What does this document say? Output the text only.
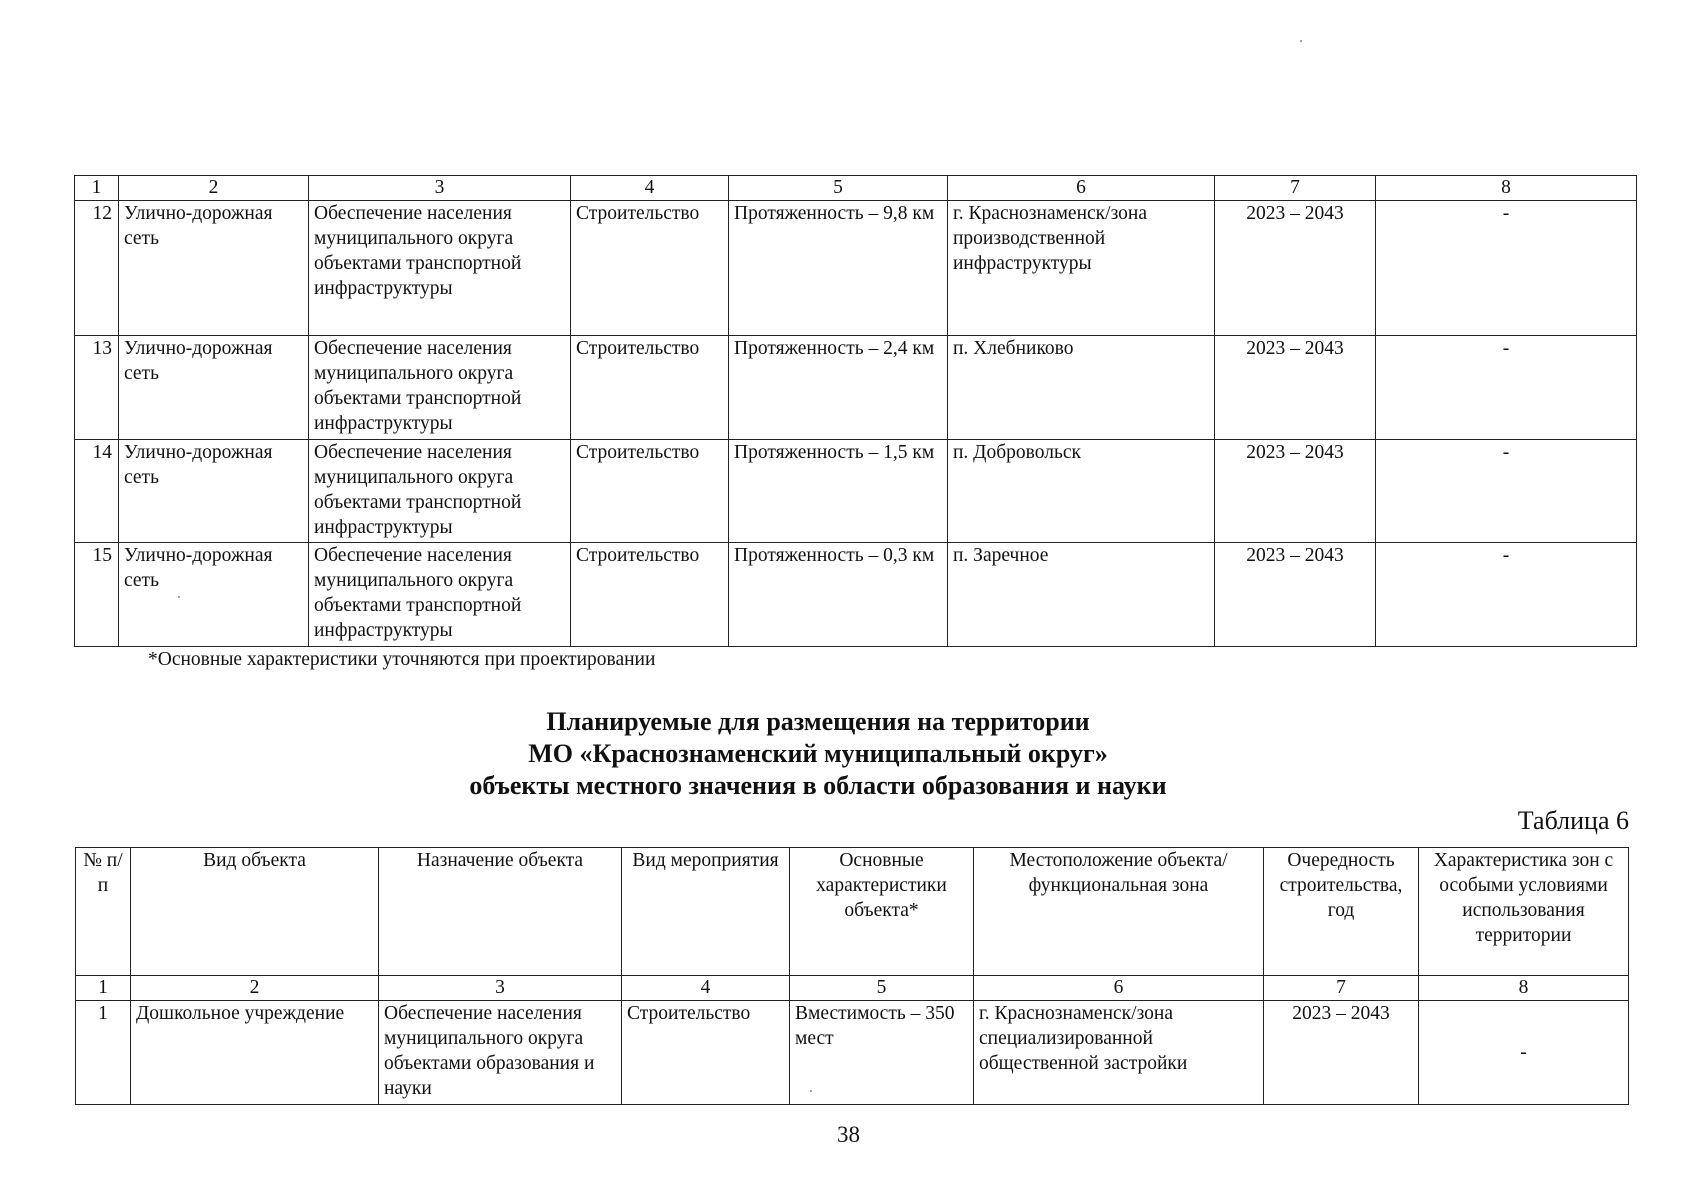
1	2	3	4	5	6	7	8
12	Улично-дорожная сеть	Обеспечение населения муниципального округа объектами транспортной инфраструктуры	Строительство	Протяженность – 9,8 км	г. Краснознаменск/зона производственной инфраструктуры	2023 – 2043	-
13	Улично-дорожная сеть	Обеспечение населения муниципального округа объектами транспортной инфраструктуры	Строительство	Протяженность – 2,4 км	п. Хлебниково	2023 – 2043	-
14	Улично-дорожная сеть	Обеспечение населения муниципального округа объектами транспортной инфраструктуры	Строительство	Протяженность – 1,5 км	п. Добровольск	2023 – 2043	-
15	Улично-дорожная сеть	Обеспечение населения муниципального округа объектами транспортной инфраструктуры	Строительство	Протяженность – 0,3 км	п. Заречное	2023 – 2043	-
*Основные характеристики уточняются при проектировании
Планируемые для размещения на территории
МО «Краснознаменский муниципальный округ»
объекты местного значения в области образования и науки
Таблица 6
№ п/п	Вид объекта	Назначение объекта	Вид мероприятия	Основные характеристики объекта*	Местоположение объекта/ функциональная зона	Очередность строительства, год	Характеристика зон с особыми условиями использования территории
1	2	3	4	5	6	7	8
1	Дошкольное учреждение	Обеспечение населения муниципального округа объектами образования и науки	Строительство	Вместимость – 350 мест	г. Краснознаменск/зона специализированной общественной застройки	2023 – 2043	-
38
